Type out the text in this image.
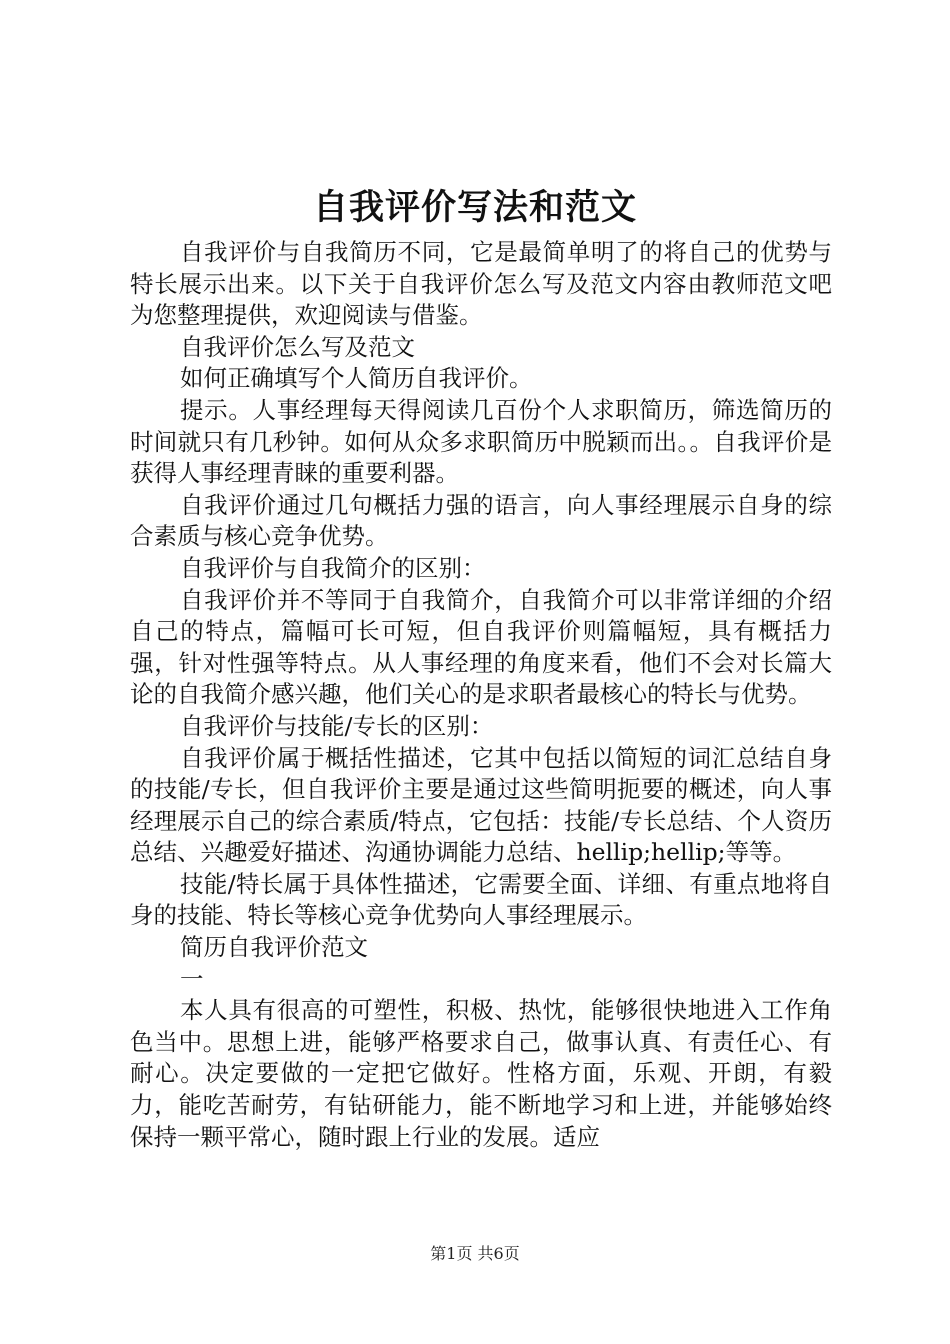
自我评价写法和范文

自我评价与自我简历不同，它是最简单明了的将自己的优势与特长展示出来。以下关于自我评价怎么写及范文内容由教师范文吧为您整理提供，欢迎阅读与借鉴。

自我评价怎么写及范文

如何正确填写个人简历自我评价。

提示。人事经理每天得阅读几百份个人求职简历，筛选简历的时间就只有几秒钟。如何从众多求职简历中脱颖而出。。自我评价是获得人事经理青睐的重要利器。

自我评价通过几句概括力强的语言，向人事经理展示自身的综合素质与核心竞争优势。

自我评价与自我简介的区别：

自我评价并不等同于自我简介，自我简介可以非常详细的介绍自己的特点，篇幅可长可短，但自我评价则篇幅短，具有概括力强，针对性强等特点。从人事经理的角度来看，他们不会对长篇大论的自我简介感兴趣，他们关心的是求职者最核心的特长与优势。

自我评价与技能/专长的区别：

自我评价属于概括性描述，它其中包括以简短的词汇总结自身的技能/专长，但自我评价主要是通过这些简明扼要的概述，向人事经理展示自己的综合素质/特点，它包括：技能/专长总结、个人资历总结、兴趣爱好描述、沟通协调能力总结、hellip;hellip;等等。

技能/特长属于具体性描述，它需要全面、详细、有重点地将自身的技能、特长等核心竞争优势向人事经理展示。

简历自我评价范文

一

本人具有很高的可塑性，积极、热忱，能够很快地进入工作角色当中。思想上进，能够严格要求自己，做事认真、有责任心、有耐心。决定要做的一定把它做好。性格方面，乐观、开朗，有毅力，能吃苦耐劳，有钻研能力，能不断地学习和上进，并能够始终保持一颗平常心，随时跟上行业的发展。适应

第1页 共6页
